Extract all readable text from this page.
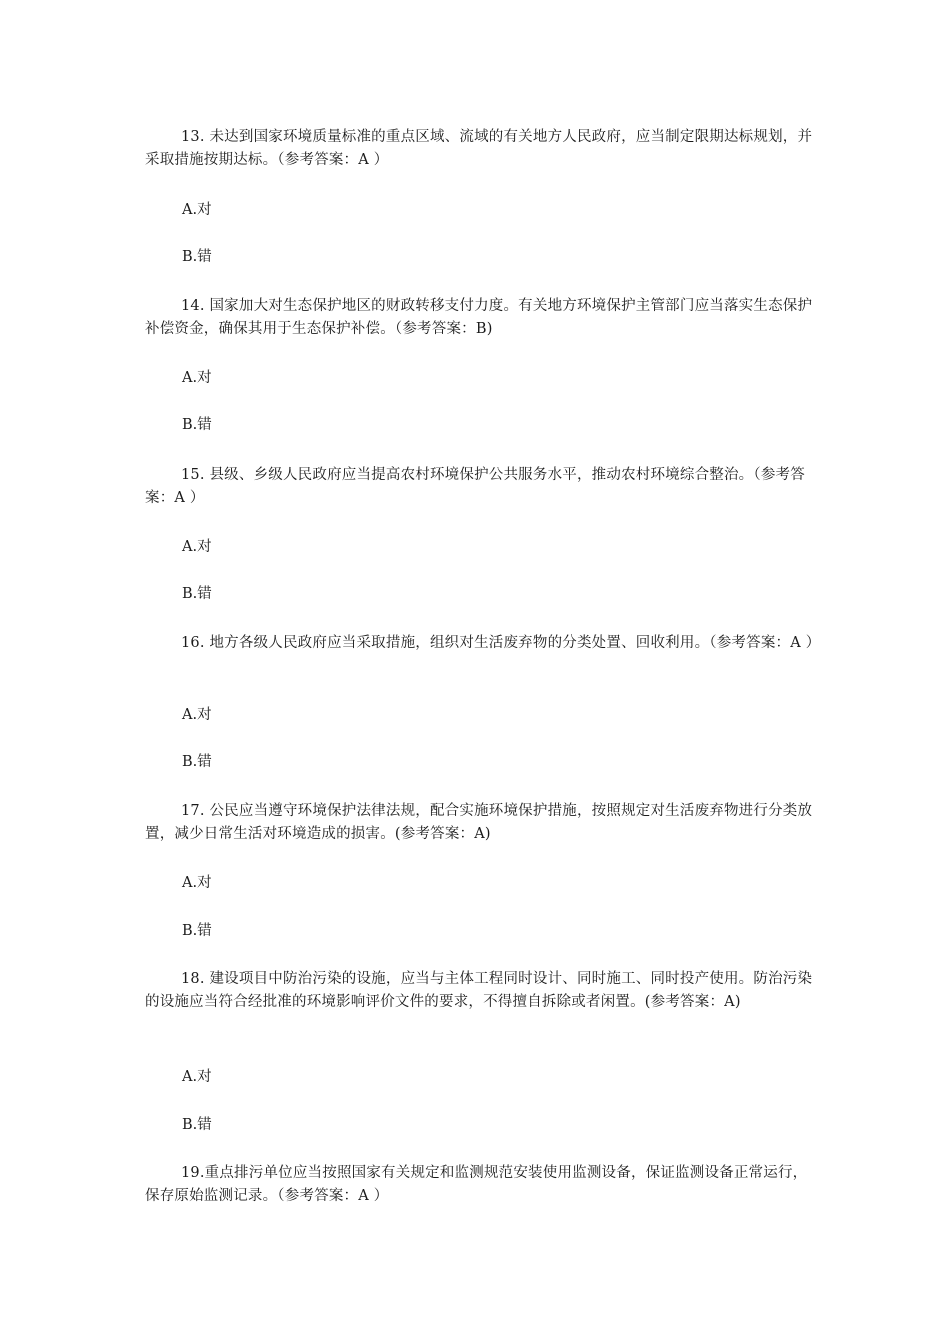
13. 未达到国家环境质量标准的重点区域、流域的有关地方人民政府，应当制定限期达标规划，并采取措施按期达标。（参考答案：A ）

A.对

B.错

14. 国家加大对生态保护地区的财政转移支付力度。有关地方环境保护主管部门应当落实生态保护补偿资金，确保其用于生态保护补偿。（参考答案：B)

A.对

B.错

15. 县级、乡级人民政府应当提高农村环境保护公共服务水平，推动农村环境综合整治。（参考答案：A ）

A.对

B.错

16. 地方各级人民政府应当采取措施，组织对生活废弃物的分类处置、回收利用。（参考答案：A ）

A.对

B.错

17. 公民应当遵守环境保护法律法规，配合实施环境保护措施，按照规定对生活废弃物进行分类放置，减少日常生活对环境造成的损害。(参考答案：A)

A.对

B.错

18. 建设项目中防治污染的设施，应当与主体工程同时设计、同时施工、同时投产使用。防治污染的设施应当符合经批准的环境影响评价文件的要求，不得擅自拆除或者闲置。(参考答案：A)

A.对

B.错

19.重点排污单位应当按照国家有关规定和监测规范安装使用监测设备，保证监测设备正常运行，保存原始监测记录。（参考答案：A ）
